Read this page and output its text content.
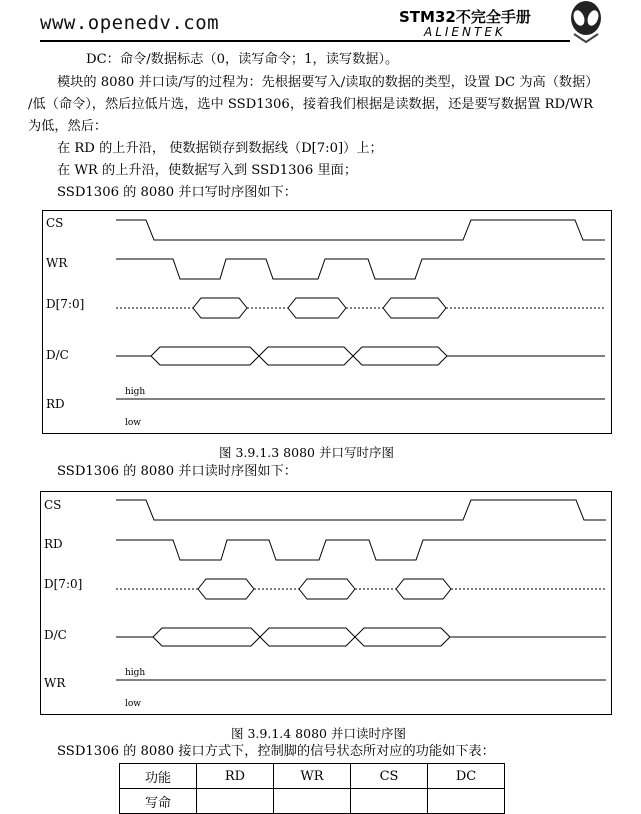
www.openedv.com	STM32不完全手册
ALIENTEK
DC：命令/数据标志（0，读写命令；1，读写数据）。
模块的 8080 并口读/写的过程为：先根据要写入/读取的数据的类型，设置 DC 为高（数据）
/低（命令），然后拉低片选，选中 SSD1306，接着我们根据是读数据，还是要写数据置 RD/WR
为低，然后：
在 RD 的上升沿， 使数据锁存到数据线（D[7:0]）上；
在 WR 的上升沿，使数据写入到 SSD1306 里面；
SSD1306 的 8080 并口写时序图如下：
CS
WR
D[7:0]
D/C
RD
high
low
图 3.9.1.3 8080 并口写时序图
SSD1306 的 8080 并口读时序图如下：
CS
RD
D[7:0]
D/C
WR
high
low
图 3.9.1.4 8080 并口读时序图
SSD1306 的 8080 接口方式下，控制脚的信号状态所对应的功能如下表：
功能	RD	WR	CS	DC
写命				
